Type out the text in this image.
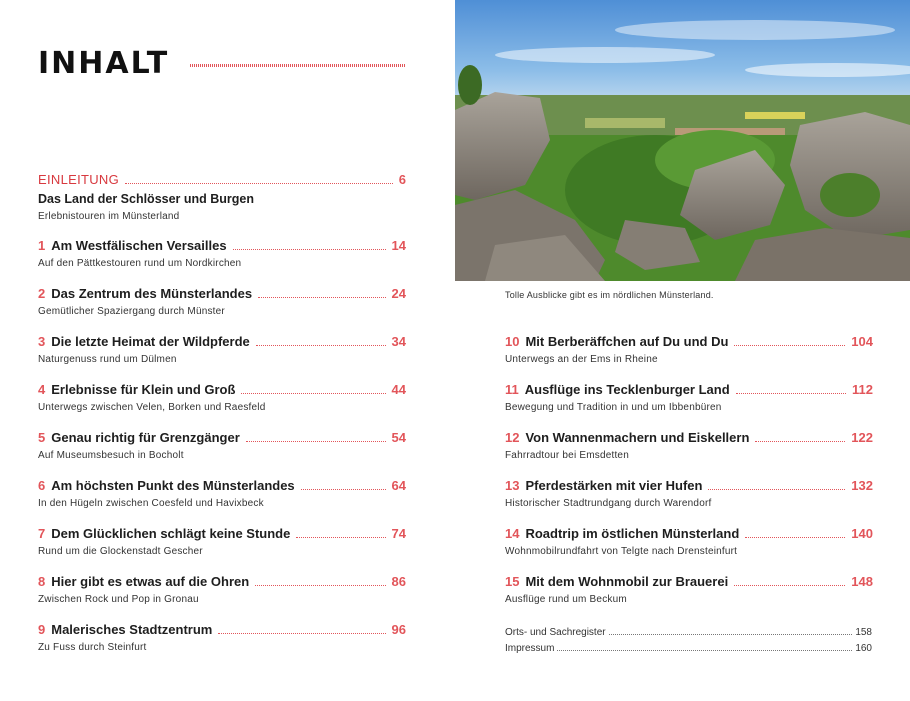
INHALT
EINLEITUNG	6
Das Land der Schlösser und Burgen
Erlebnistouren im Münsterland
1 Am Westfälischen Versailles	14
Auf den Pättkestouren rund um Nordkirchen
2 Das Zentrum des Münsterlandes	24
Gemütlicher Spaziergang durch Münster
3 Die letzte Heimat der Wildpferde	34
Naturgenuss rund um Dülmen
4 Erlebnisse für Klein und Groß	44
Unterwegs zwischen Velen, Borken und Raesfeld
5 Genau richtig für Grenzgänger	54
Auf Museumsbesuch in Bocholt
6 Am höchsten Punkt des Münsterlandes	64
In den Hügeln zwischen Coesfeld und Havixbeck
7 Dem Glücklichen schlägt keine Stunde	74
Rund um die Glockenstadt Gescher
8 Hier gibt es etwas auf die Ohren	86
Zwischen Rock und Pop in Gronau
9 Malerisches Stadtzentrum	96
Zu Fuss durch Steinfurt
Tolle Ausblicke gibt es im nördlichen Münsterland.
10 Mit Berberäffchen auf Du und Du	104
Unterwegs an der Ems in Rheine
11 Ausflüge ins Tecklenburger Land	112
Bewegung und Tradition in und um Ibbenbüren
12 Von Wannenmachern und Eiskellern	122
Fahrradtour bei Emsdetten
13 Pferdestärken mit vier Hufen	132
Historischer Stadtrundgang durch Warendorf
14 Roadtrip im östlichen Münsterland	140
Wohnmobilrundfahrt von Telgte nach Drensteinfurt
15 Mit dem Wohnmobil zur Brauerei	148
Ausflüge rund um Beckum
Orts- und Sachregister	158
Impressum	160
